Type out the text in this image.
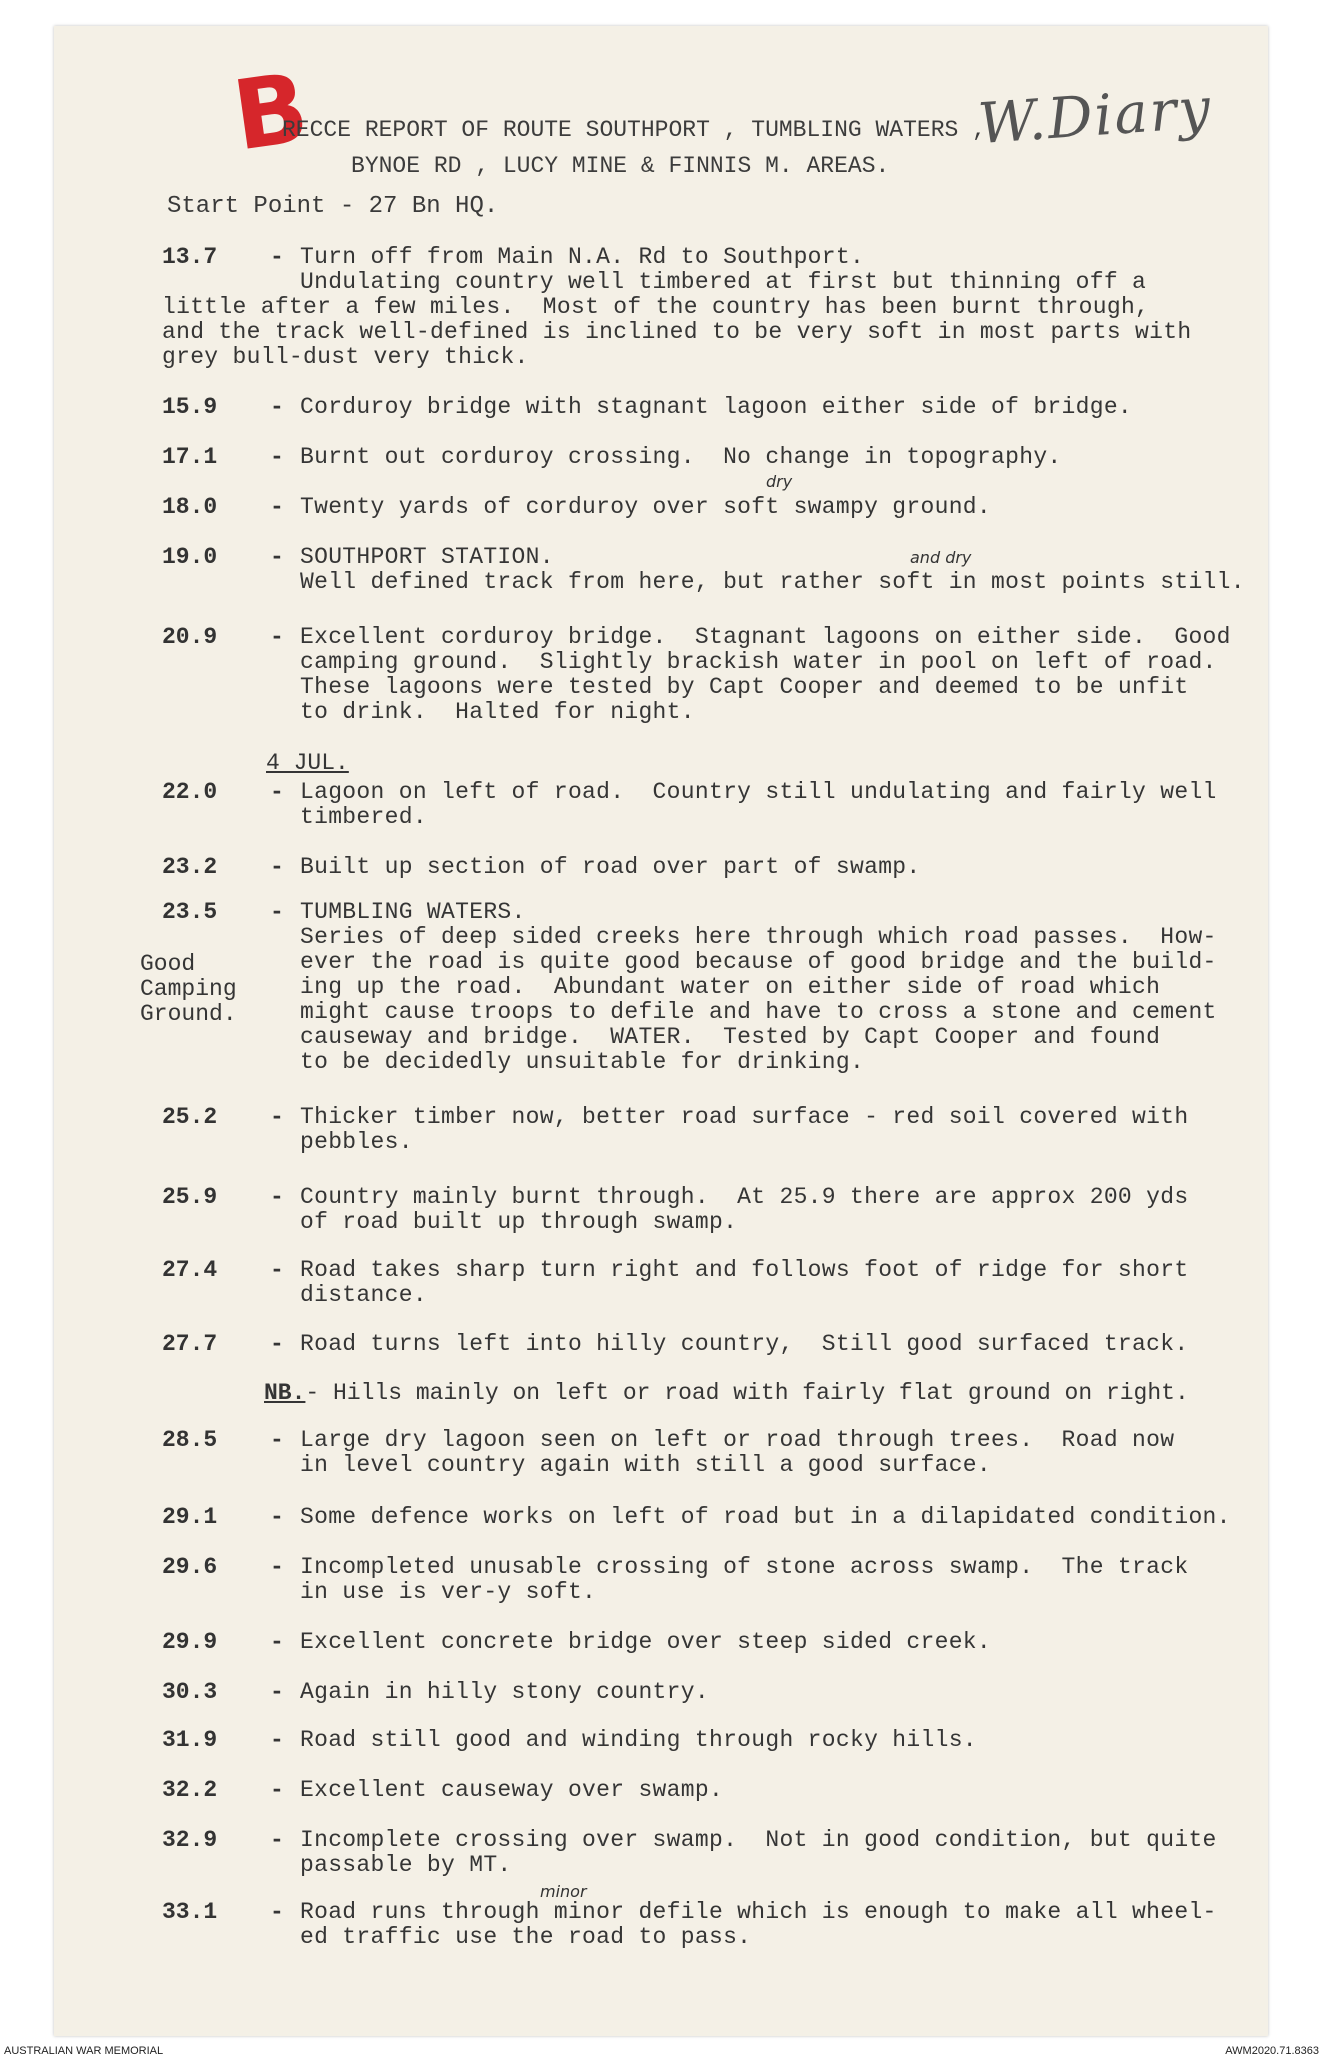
B	W.Diary
RECCE REPORT OF ROUTE SOUTHPORT , TUMBLING WATERS ,
BYNOE RD , LUCY MINE & FINNIS M. AREAS.
Start Point - 27 Bn HQ.
13.7	- Turn off from Main N.A. Rd to Southport.
Undulating country well timbered at first but thinning off a
little after a few miles.  Most of the country has been burnt through,
and the track well-defined is inclined to be very soft in most parts with
grey bull-dust very thick.
15.9	- Corduroy bridge with stagnant lagoon either side of bridge.
17.1	- Burnt out corduroy crossing.  No change in topography.
18.0	- Twenty yards of corduroy over soft swampy ground.
19.0	- SOUTHPORT STATION.
Well defined track from here, but rather soft in most points still.
20.9	- Excellent corduroy bridge.  Stagnant lagoons on either side.  Good
camping ground.  Slightly brackish water in pool on left of road.
These lagoons were tested by Capt Cooper and deemed to be unfit
to drink.  Halted for night.
22.0	- Lagoon on left of road.  Country still undulating and fairly well
timbered.
23.2	- Built up section of road over part of swamp.
23.5	- TUMBLING WATERS.
Series of deep sided creeks here through which road passes.  How-
ever the road is quite good because of good bridge and the build-
ing up the road.  Abundant water on either side of road which
might cause troops to defile and have to cross a stone and cement
causeway and bridge.  WATER.  Tested by Capt Cooper and found
to be decidedly unsuitable for drinking.
25.2	- Thicker timber now, better road surface - red soil covered with
pebbles.
25.9	- Country mainly burnt through.  At 25.9 there are approx 200 yds
of road built up through swamp.
27.4	- Road takes sharp turn right and follows foot of ridge for short
distance.
27.7	- Road turns left into hilly country,  Still good surfaced track.
28.5	- Large dry lagoon seen on left or road through trees.  Road now
in level country again with still a good surface.
29.1	- Some defence works on left of road but in a dilapidated condition.
29.6	- Incompleted unusable crossing of stone across swamp.  The track
in use is ver-y soft.
29.9	- Excellent concrete bridge over steep sided creek.
30.3	- Again in hilly stony country.
31.9	- Road still good and winding through rocky hills.
32.2	- Excellent causeway over swamp.
32.9	- Incomplete crossing over swamp.  Not in good condition, but quite
passable by MT.
33.1	- Road runs through minor defile which is enough to make all wheel-
ed traffic use the road to pass.
4 JUL.
Good
Camping
Ground.
NB.- Hills mainly on left or road with fairly flat ground on right.
dry
and dry
minor
AUSTRALIAN WAR MEMORIAL	AWM2020.71.8363
